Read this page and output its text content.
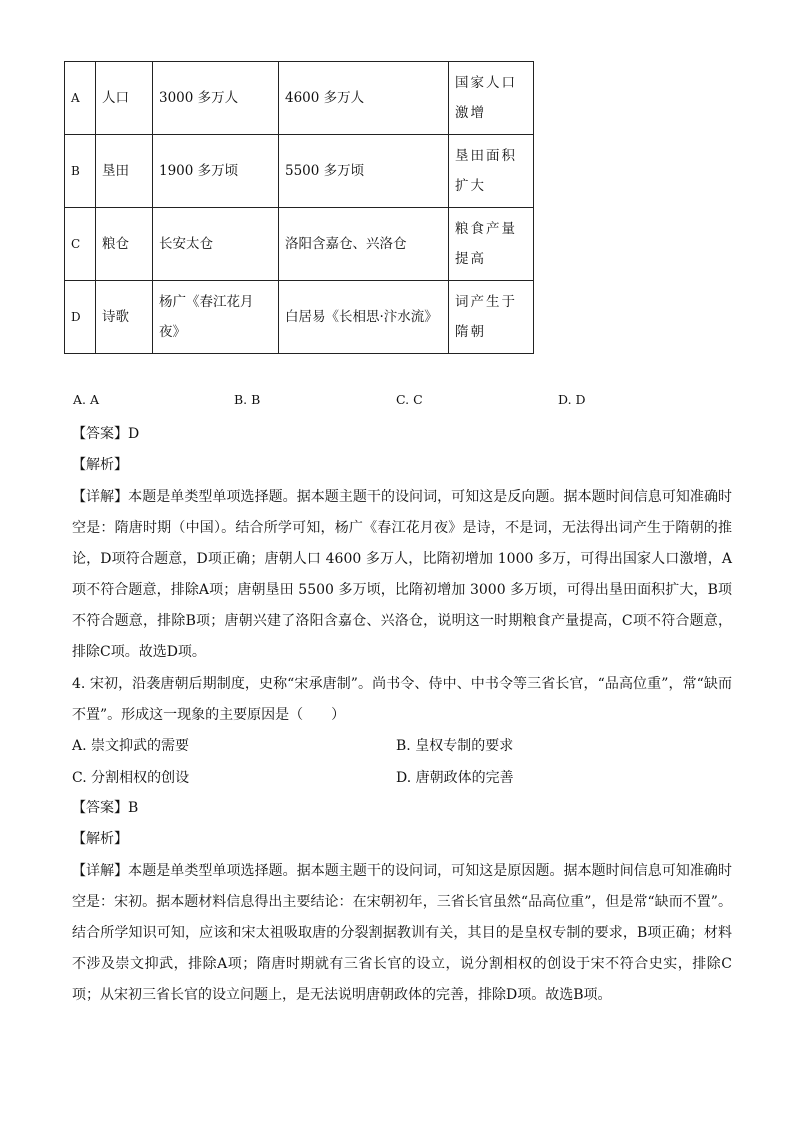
A	人口	3000 多万人	4600 多万人	国家人口激增
B	垦田	1900 多万顷	5500 多万顷	垦田面积扩大
C	粮仓	长安太仓	洛阳含嘉仓、兴洛仓	粮食产量提高
D	诗歌	杨广《春江花月夜》	白居易《长相思·汴水流》	词产生于隋朝
A. A	B. B	C. C	D. D
【答案】D
【解析】
【详解】本题是单类型单项选择题。据本题主题干的设问词，可知这是反向题。据本题时间信息可知准确时空是：隋唐时期（中国）。结合所学可知，杨广《春江花月夜》是诗，不是词，无法得出词产生于隋朝的推论，D项符合题意，D项正确；唐朝人口 4600 多万人，比隋初增加 1000 多万，可得出国家人口激增，A项不符合题意，排除A项；唐朝垦田 5500 多万顷，比隋初增加 3000 多万顷，可得出垦田面积扩大，B项不符合题意，排除B项；唐朝兴建了洛阳含嘉仓、兴洛仓，说明这一时期粮食产量提高，C项不符合题意，排除C项。故选D项。
4. 宋初，沿袭唐朝后期制度，史称“宋承唐制”。尚书令、侍中、中书令等三省长官，“品高位重”，常“缺而不置”。形成这一现象的主要原因是（　　）
A. 崇文抑武的需要	B. 皇权专制的要求
C. 分割相权的创设	D. 唐朝政体的完善
【答案】B
【解析】
【详解】本题是单类型单项选择题。据本题主题干的设问词，可知这是原因题。据本题时间信息可知准确时空是：宋初。据本题材料信息得出主要结论：在宋朝初年，三省长官虽然“品高位重”，但是常“缺而不置”。结合所学知识可知，应该和宋太祖吸取唐的分裂割据教训有关，其目的是皇权专制的要求，B项正确；材料不涉及崇文抑武，排除A项；隋唐时期就有三省长官的设立，说分割相权的创设于宋不符合史实，排除C项；从宋初三省长官的设立问题上，是无法说明唐朝政体的完善，排除D项。故选B项。
